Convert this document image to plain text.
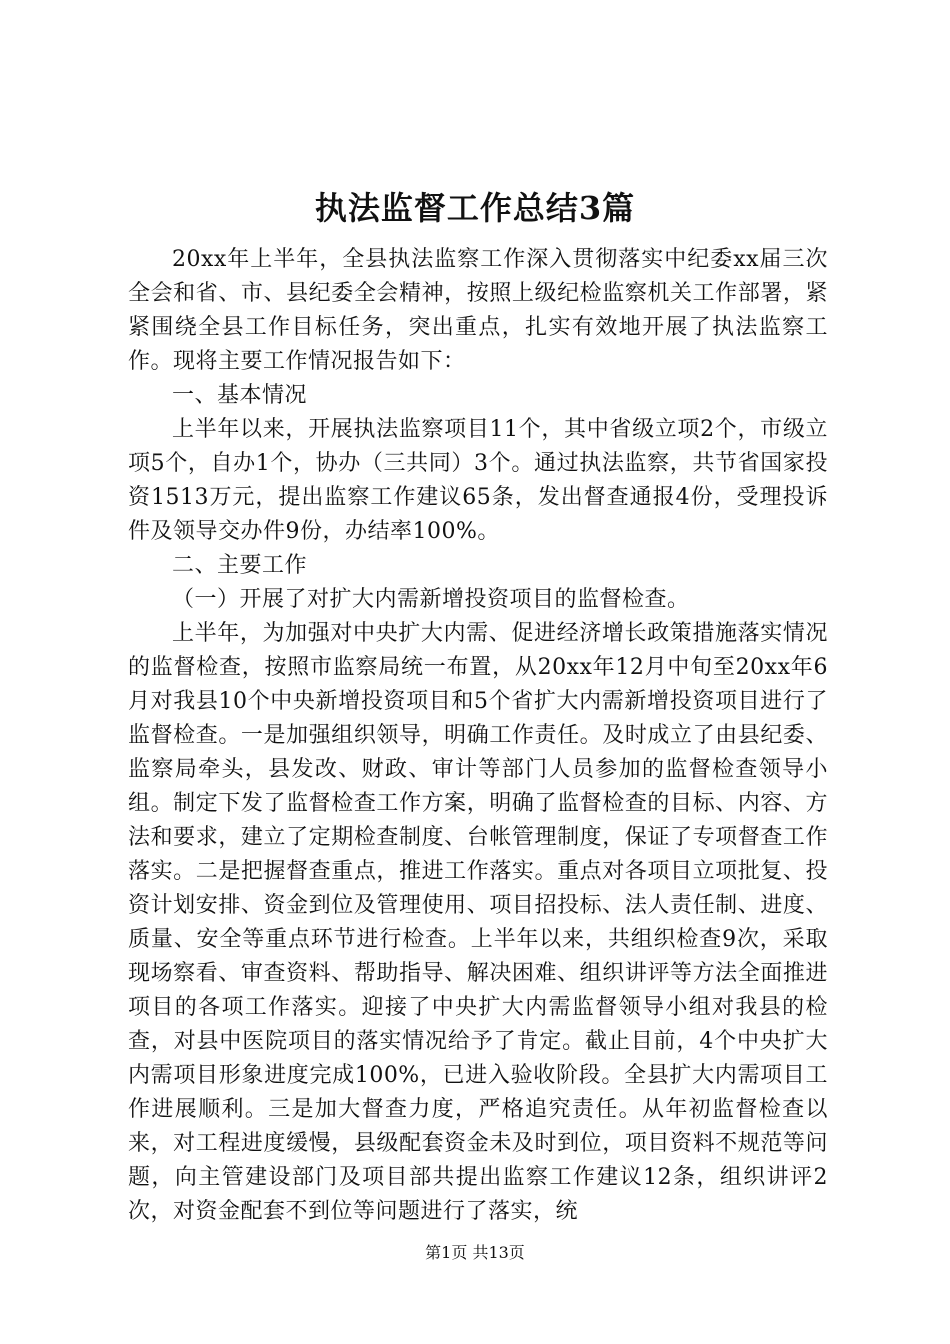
执法监督工作总结3篇

20xx年上半年，全县执法监察工作深入贯彻落实中纪委xx届三次全会和省、市、县纪委全会精神，按照上级纪检监察机关工作部署，紧紧围绕全县工作目标任务，突出重点，扎实有效地开展了执法监察工作。现将主要工作情况报告如下：

一、基本情况

上半年以来，开展执法监察项目11个，其中省级立项2个，市级立项5个，自办1个，协办（三共同）3个。通过执法监察，共节省国家投资1513万元，提出监察工作建议65条，发出督查通报4份，受理投诉件及领导交办件9份，办结率100%。

二、主要工作

（一）开展了对扩大内需新增投资项目的监督检查。

上半年，为加强对中央扩大内需、促进经济增长政策措施落实情况的监督检查，按照市监察局统一布置，从20xx年12月中旬至20xx年6月对我县10个中央新增投资项目和5个省扩大内需新增投资项目进行了监督检查。一是加强组织领导，明确工作责任。及时成立了由县纪委、监察局牵头，县发改、财政、审计等部门人员参加的监督检查领导小组。制定下发了监督检查工作方案，明确了监督检查的目标、内容、方法和要求，建立了定期检查制度、台帐管理制度，保证了专项督查工作落实。二是把握督查重点，推进工作落实。重点对各项目立项批复、投资计划安排、资金到位及管理使用、项目招投标、法人责任制、进度、质量、安全等重点环节进行检查。上半年以来，共组织检查9次，采取现场察看、审查资料、帮助指导、解决困难、组织讲评等方法全面推进项目的各项工作落实。迎接了中央扩大内需监督领导小组对我县的检查，对县中医院项目的落实情况给予了肯定。截止目前，4个中央扩大内需项目形象进度完成100%，已进入验收阶段。全县扩大内需项目工作进展顺利。三是加大督查力度，严格追究责任。从年初监督检查以来，对工程进度缓慢，县级配套资金未及时到位，项目资料不规范等问题，向主管建设部门及项目部共提出监察工作建议12条，组织讲评2次，对资金配套不到位等问题进行了落实，统

第1页 共13页
